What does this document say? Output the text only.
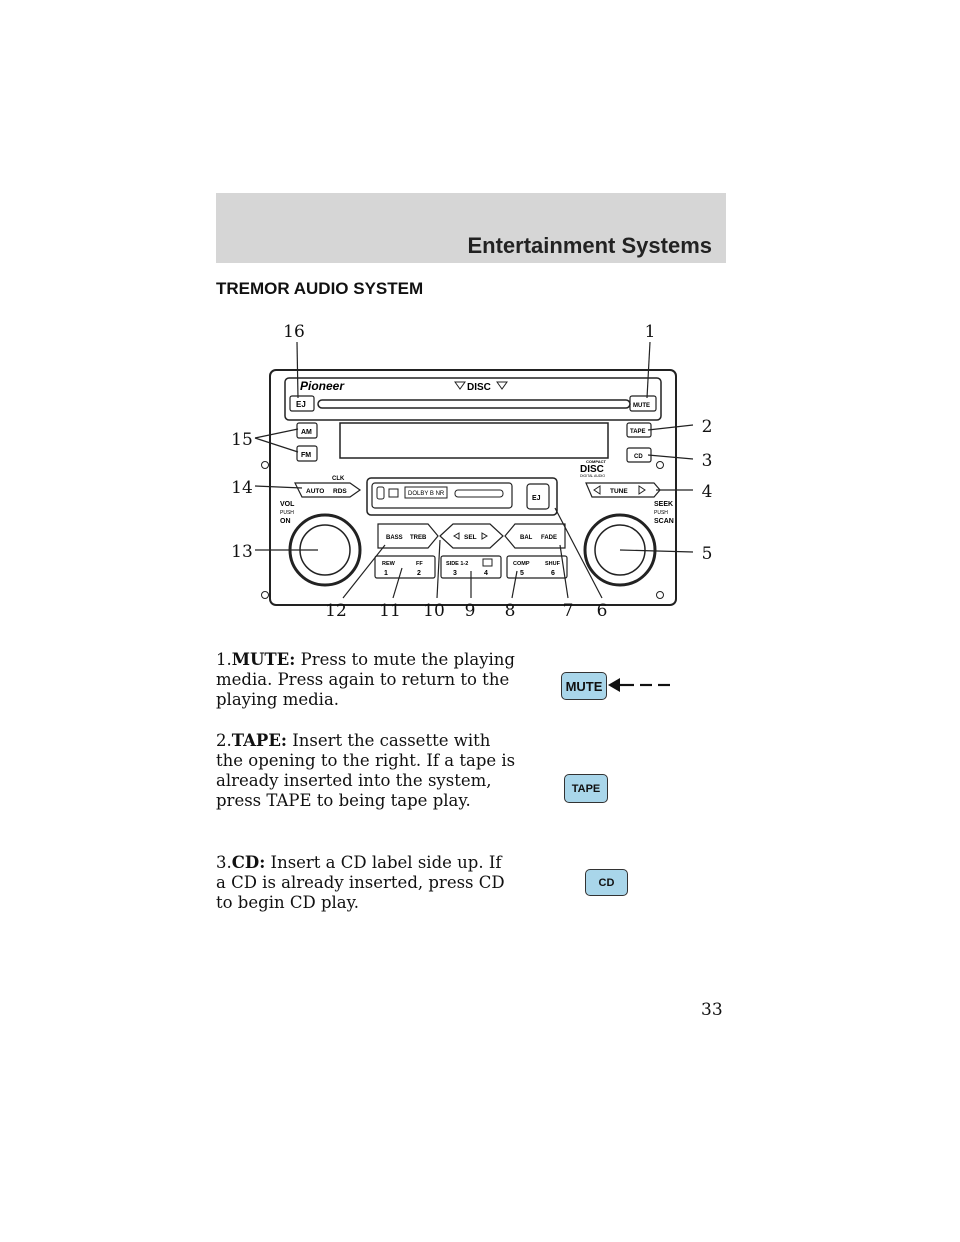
Entertainment Systems
TREMOR AUDIO SYSTEM
Pioneer	DISC
EJ	MUTE
AM
FM
TAPE
CD
COMPACT
DISC
DIGITAL AUDIO
CLK
AUTO RDS	DOLBY B NR
EJ
TUNE
VOL
PUSH
ON
SEEK
PUSH
SCAN
BASS TREB	SEL	BAL FADE
REW	FF
1	2
SIDE 1-2
3	4
COMP	SHUF
5	6
16	1
2
3
4
5
6
7
8
9
10
11
12
13
14
15
1.MUTE: Press to mute the playing media. Press again to return to the playing media.
MUTE
2.TAPE: Insert the cassette with the opening to the right. If a tape is already inserted into the system, press TAPE to being tape play.
TAPE
3.CD: Insert a CD label side up. If a CD is already inserted, press CD to begin CD play.
CD
33
